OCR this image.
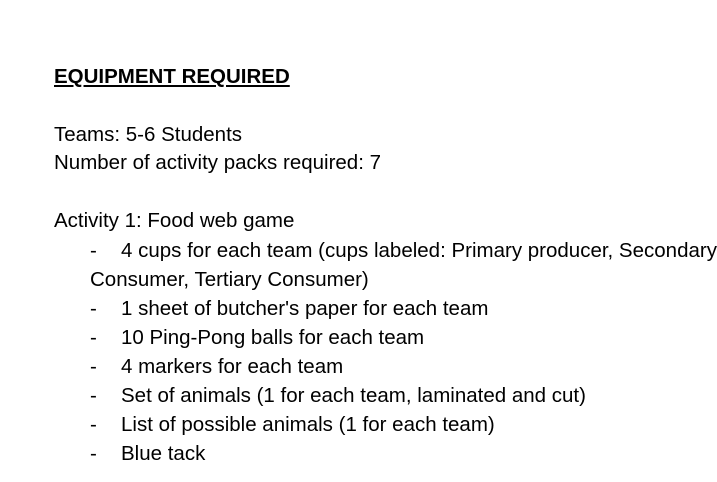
EQUIPMENT REQUIRED

Teams: 5-6 Students

Number of activity packs required: 7

Activity 1: Food web game

- 4 cups for each team (cups labeled: Primary producer, Secondary
Consumer, Tertiary Consumer)
- 1 sheet of butcher's paper for each team
- 10 Ping-Pong balls for each team
- 4 markers for each team
- Set of animals (1 for each team, laminated and cut)
- List of possible animals (1 for each team)
- Blue tack
